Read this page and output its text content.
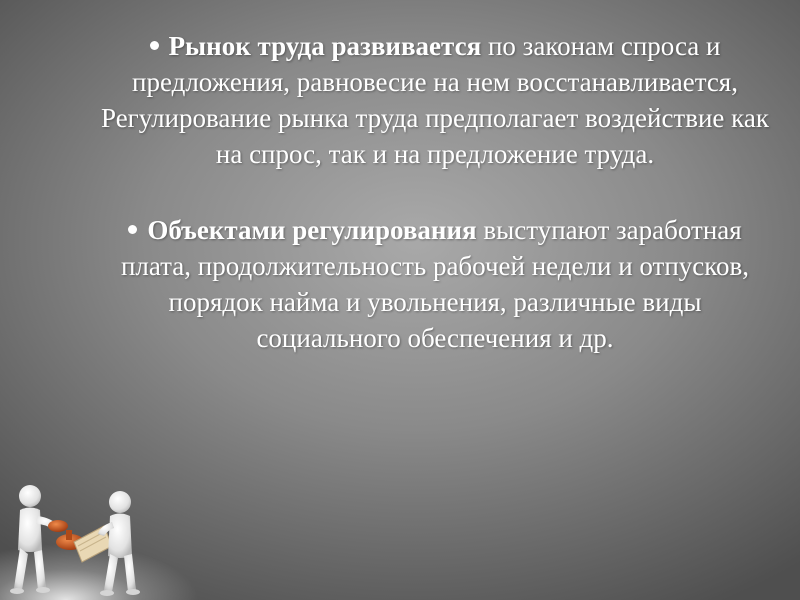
Рынок труда развивается по законам спроса и предложения, равновесие на нем восстанавливается, Регулирование рынка труда предполагает воздействие как на спрос, так и на предложение труда.

Объектами регулирования выступают заработная плата, продолжительность рабочей недели и отпусков, порядок найма и увольнения, различные виды социального обеспечения и др.
